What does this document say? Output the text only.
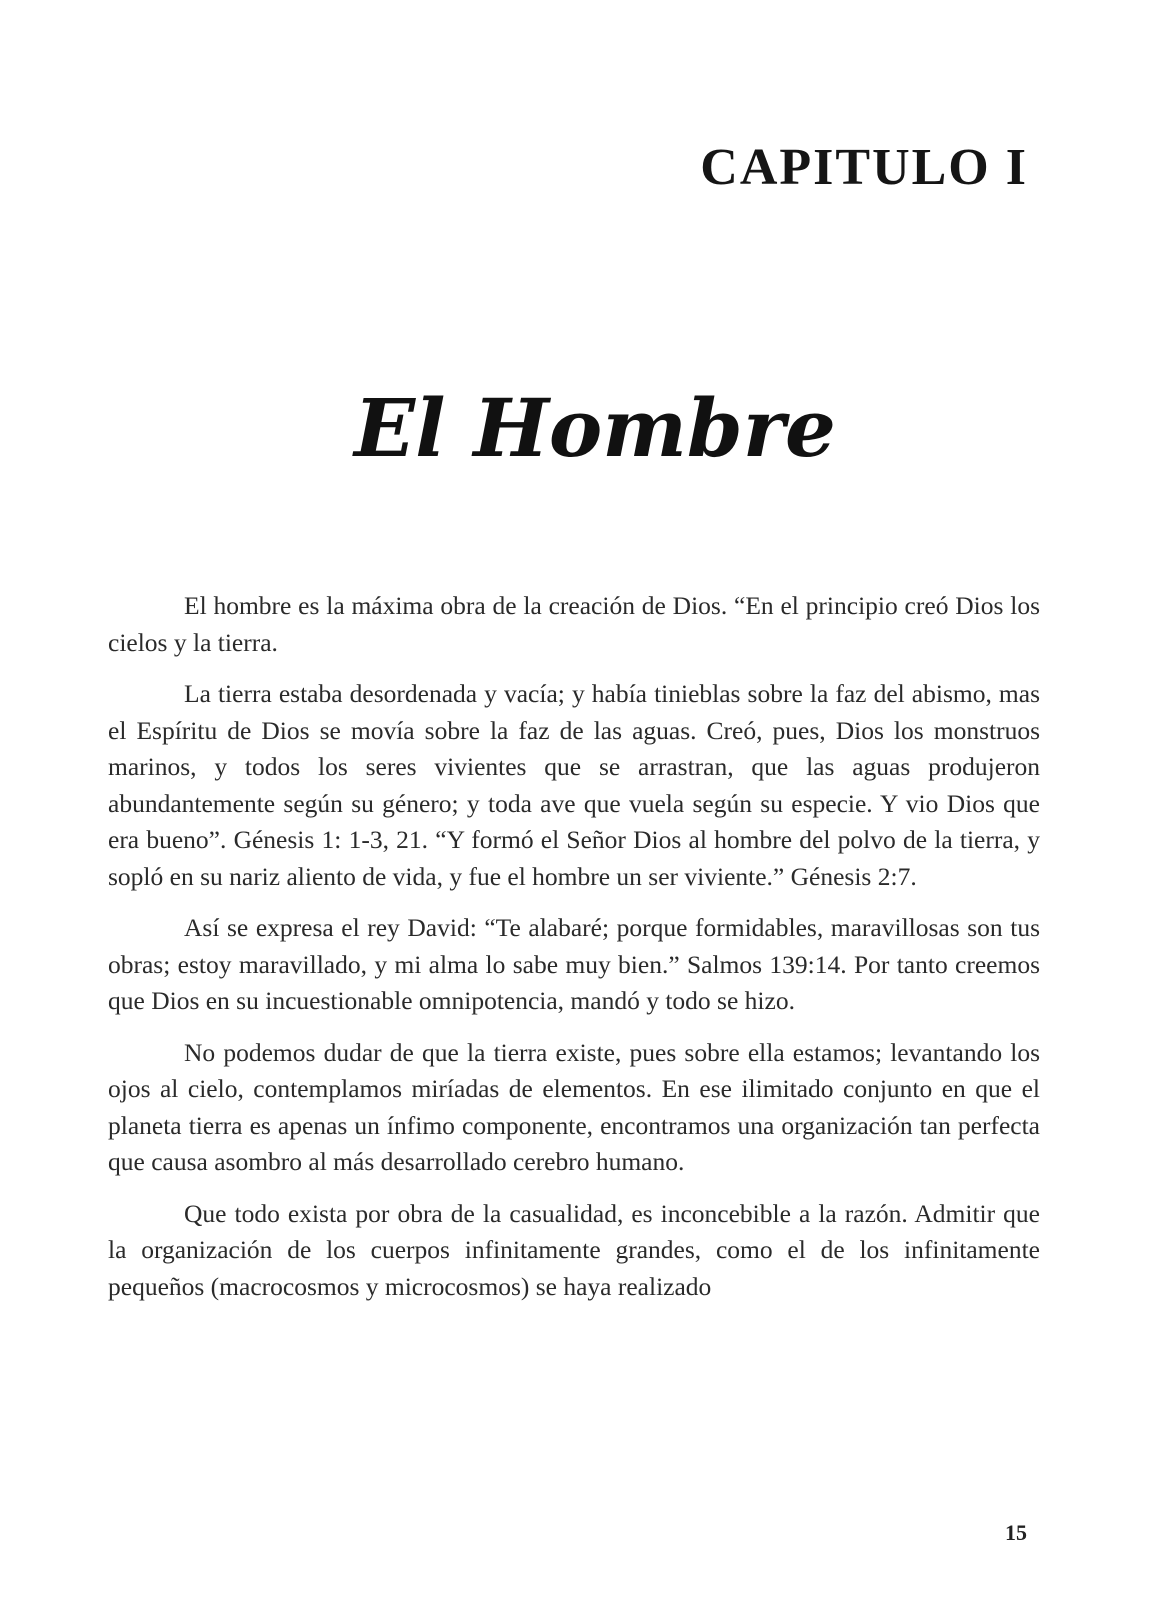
CAPITULO I
El Hombre

El hombre es la máxima obra de la creación de Dios. “En el principio creó Dios los cielos y la tierra.

La tierra estaba desordenada y vacía; y había tinieblas sobre la faz del abismo, mas el Espíritu de Dios se movía sobre la faz de las aguas. Creó, pues, Dios los monstruos marinos, y todos los seres vivientes que se arrastran, que las aguas produjeron abundantemente según su género; y toda ave que vuela según su especie. Y vio Dios que era bueno”. Génesis 1: 1-3, 21. “Y formó el Señor Dios al hombre del polvo de la tierra, y sopló en su nariz aliento de vida, y fue el hombre un ser viviente.” Génesis 2:7.

Así se expresa el rey David: “Te alabaré; porque formidables, maravillosas son tus obras; estoy maravillado, y mi alma lo sabe muy bien.” Salmos 139:14. Por tanto creemos que Dios en su incuestionable omnipotencia, mandó y todo se hizo.

No podemos dudar de que la tierra existe, pues sobre ella estamos; levantando los ojos al cielo, contemplamos miríadas de elementos. En ese ilimitado conjunto en que el planeta tierra es apenas un ínfimo componente, encontramos una organización tan perfecta que causa asombro al más desarrollado cerebro humano.

Que todo exista por obra de la casualidad, es inconcebible a la razón. Admitir que la organización de los cuerpos infinitamente grandes, como el de los infinitamente pequeños (macrocosmos y microcosmos) se haya realizado

15
